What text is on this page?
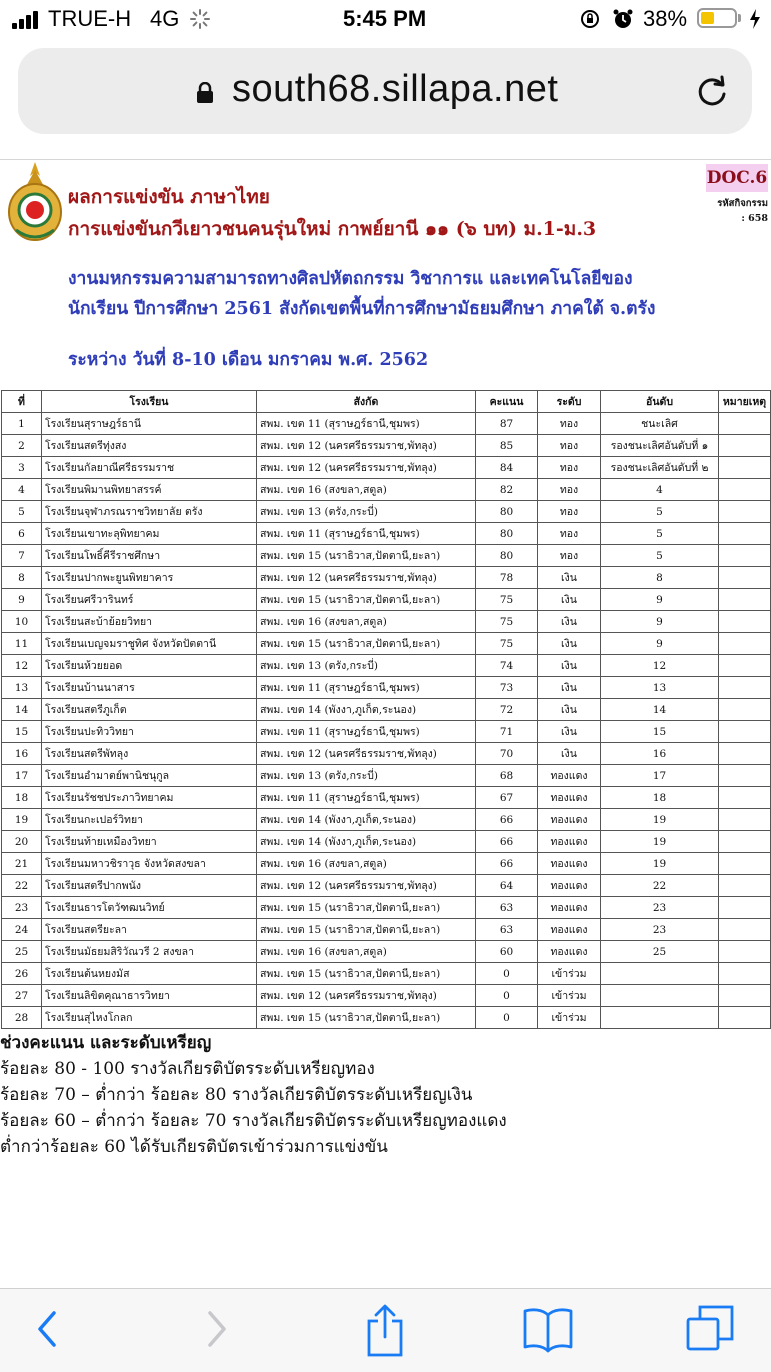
TRUE-H 4G	5:45 PM	38%
south68.sillapa.net
ผลการแข่งขัน ภาษาไทย
การแข่งขันกวีเยาวชนคนรุ่นใหม่ กาพย์ยานี ๑๑ (๖ บท) ม.1-ม.3
DOC.6
รหัสกิจกรรม
: 658
งานมหกรรมความสามารถทางศิลปหัตถกรรม วิชาการแ และเทคโนโลยีของ
นักเรียน ปีการศึกษา 2561 สังกัดเขตพื้นที่การศึกษามัธยมศึกษา ภาคใต้ จ.ตรัง
ระหว่าง วันที่ 8-10 เดือน มกราคม พ.ศ. 2562
ที่	โรงเรียน	สังกัด	คะแนน	ระดับ	อันดับ	หมายเหตุ
1	โรงเรียนสุราษฎร์ธานี	สพม. เขต 11 (สุราษฎร์ธานี,ชุมพร)	87	ทอง	ชนะเลิศ	
2	โรงเรียนสตรีทุ่งสง	สพม. เขต 12 (นครศรีธรรมราช,พัทลุง)	85	ทอง	รองชนะเลิศอันดับที่ ๑	
3	โรงเรียนกัลยาณีศรีธรรมราช	สพม. เขต 12 (นครศรีธรรมราช,พัทลุง)	84	ทอง	รองชนะเลิศอันดับที่ ๒	
4	โรงเรียนพิมานพิทยาสรรค์	สพม. เขต 16 (สงขลา,สตูล)	82	ทอง	4	
5	โรงเรียนจุฬาภรณราชวิทยาลัย ตรัง	สพม. เขต 13 (ตรัง,กระบี่)	80	ทอง	5	
6	โรงเรียนเขาทะลุพิทยาคม	สพม. เขต 11 (สุราษฎร์ธานี,ชุมพร)	80	ทอง	5	
7	โรงเรียนโพธิ์คีรีราชศึกษา	สพม. เขต 15 (นราธิวาส,ปัตตานี,ยะลา)	80	ทอง	5	
8	โรงเรียนปากพะยูนพิทยาคาร	สพม. เขต 12 (นครศรีธรรมราช,พัทลุง)	78	เงิน	8	
9	โรงเรียนศรีวารินทร์	สพม. เขต 15 (นราธิวาส,ปัตตานี,ยะลา)	75	เงิน	9	
10	โรงเรียนสะบ้าย้อยวิทยา	สพม. เขต 16 (สงขลา,สตูล)	75	เงิน	9	
11	โรงเรียนเบญจมราชูทิศ จังหวัดปัตตานี	สพม. เขต 15 (นราธิวาส,ปัตตานี,ยะลา)	75	เงิน	9	
12	โรงเรียนห้วยยอด	สพม. เขต 13 (ตรัง,กระบี่)	74	เงิน	12	
13	โรงเรียนบ้านนาสาร	สพม. เขต 11 (สุราษฎร์ธานี,ชุมพร)	73	เงิน	13	
14	โรงเรียนสตรีภูเก็ต	สพม. เขต 14 (พังงา,ภูเก็ต,ระนอง)	72	เงิน	14	
15	โรงเรียนปะทิววิทยา	สพม. เขต 11 (สุราษฎร์ธานี,ชุมพร)	71	เงิน	15	
16	โรงเรียนสตรีพัทลุง	สพม. เขต 12 (นครศรีธรรมราช,พัทลุง)	70	เงิน	16	
17	โรงเรียนอำมาตย์พานิชนุกูล	สพม. เขต 13 (ตรัง,กระบี่)	68	ทองแดง	17	
18	โรงเรียนรัชชประภาวิทยาคม	สพม. เขต 11 (สุราษฎร์ธานี,ชุมพร)	67	ทองแดง	18	
19	โรงเรียนกะเปอร์วิทยา	สพม. เขต 14 (พังงา,ภูเก็ต,ระนอง)	66	ทองแดง	19	
20	โรงเรียนท้ายเหมืองวิทยา	สพม. เขต 14 (พังงา,ภูเก็ต,ระนอง)	66	ทองแดง	19	
21	โรงเรียนมหาวชิราวุธ จังหวัดสงขลา	สพม. เขต 16 (สงขลา,สตูล)	66	ทองแดง	19	
22	โรงเรียนสตรีปากพนัง	สพม. เขต 12 (นครศรีธรรมราช,พัทลุง)	64	ทองแดง	22	
23	โรงเรียนธารโตวัฑฒนวิทย์	สพม. เขต 15 (นราธิวาส,ปัตตานี,ยะลา)	63	ทองแดง	23	
24	โรงเรียนสตรียะลา	สพม. เขต 15 (นราธิวาส,ปัตตานี,ยะลา)	63	ทองแดง	23	
25	โรงเรียนมัธยมสิริวัณวรี 2 สงขลา	สพม. เขต 16 (สงขลา,สตูล)	60	ทองแดง	25	
26	โรงเรียนต้นหยงมัส	สพม. เขต 15 (นราธิวาส,ปัตตานี,ยะลา)	0	เข้าร่วม		
27	โรงเรียนลิขิตคุณาธารวิทยา	สพม. เขต 12 (นครศรีธรรมราช,พัทลุง)	0	เข้าร่วม		
28	โรงเรียนสุไหงโกลก	สพม. เขต 15 (นราธิวาส,ปัตตานี,ยะลา)	0	เข้าร่วม		
ช่วงคะแนน และระดับเหรียญ
ร้อยละ 80 - 100 รางวัลเกียรติบัตรระดับเหรียญทอง
ร้อยละ 70 – ต่ำกว่า ร้อยละ 80 รางวัลเกียรติบัตรระดับเหรียญเงิน
ร้อยละ 60 – ต่ำกว่า ร้อยละ 70 รางวัลเกียรติบัตรระดับเหรียญทองแดง
ต่ำกว่าร้อยละ 60 ได้รับเกียรติบัตรเข้าร่วมการแข่งขัน
